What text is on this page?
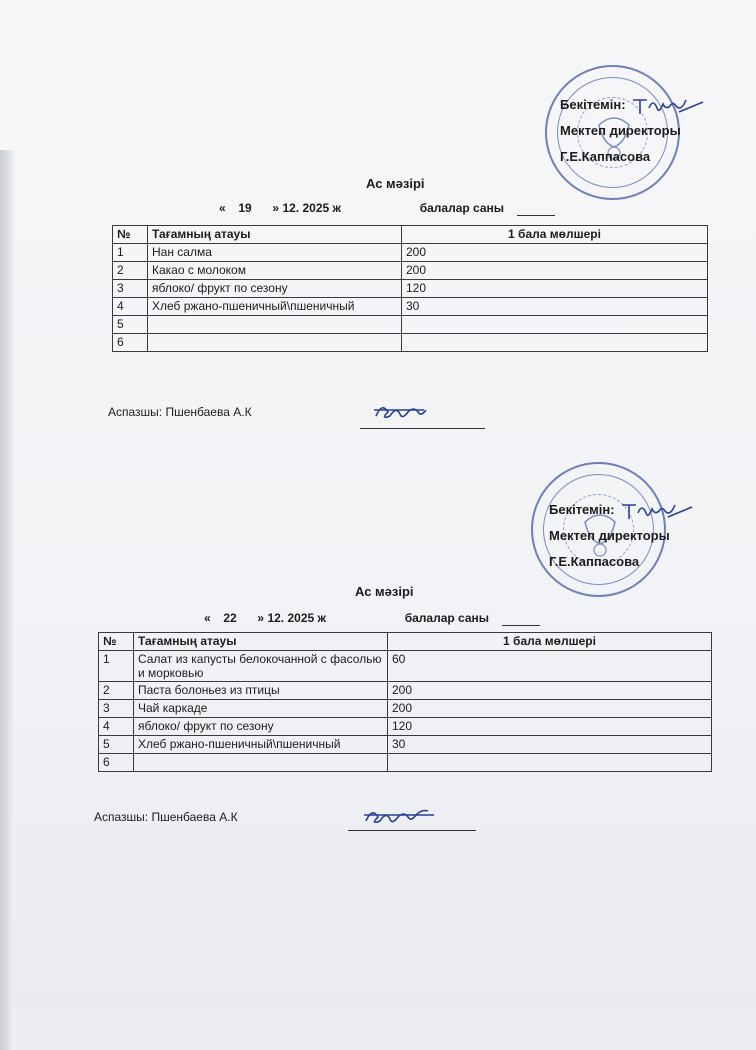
Бекітемін:
Мектеп директоры
Г.Е.Каппасова
Ас мәзірі
« 19 » 12. 2025 ж	балалар саны
№	Тағамның атауы	1 бала мөлшері
1	Нан салма	200
2	Какао с молоком	200
3	яблоко/ фрукт по сезону	120
4	Хлеб ржано-пшеничный\пшеничный	30
5		
6		
Аспазшы: Пшенбаева А.К
Бекітемін:
Мектеп директоры
Г.Е.Каппасова
Ас мәзірі
« 22 » 12. 2025 ж	балалар саны
№	Тағамның атауы	1 бала мөлшері
1	Салат из капусты белокочанной с фасолью и морковью	60
2	Паста болоньез из птицы	200
3	Чай каркаде	200
4	яблоко/ фрукт по сезону	120
5	Хлеб ржано-пшеничный\пшеничный	30
6		
Аспазшы: Пшенбаева А.К
